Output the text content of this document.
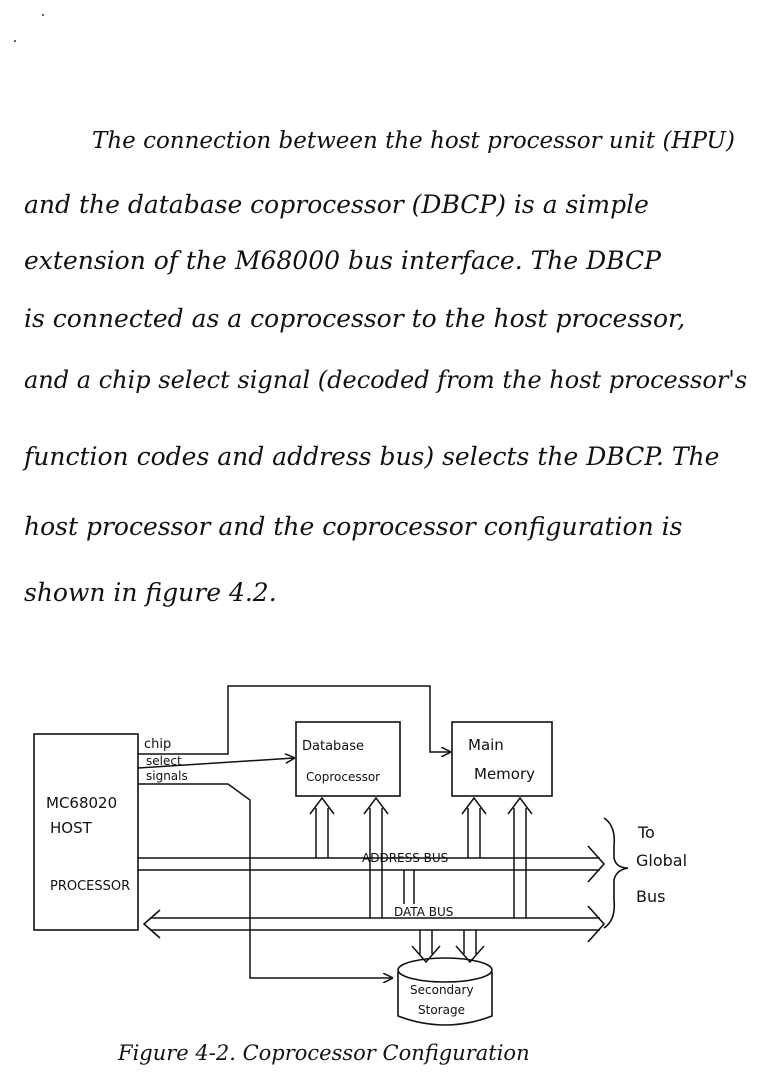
The connection between the host processor unit (HPU)
and the database coprocessor (DBCP) is a simple
extension of the M68000 bus interface. The DBCP
is connected as a coprocessor to the host processor,
and a chip select signal (decoded from the host processor's
function codes and address bus) selects the DBCP. The
host processor and the coprocessor configuration is
shown in figure 4.2.
MC68020
HOST
PROCESSOR
chip
select
signals
Database
Coprocessor
Main
Memory
ADDRESS BUS
DATA BUS
Secondary
Storage
To
Global
Bus
Figure 4-2. Coprocessor Configuration
